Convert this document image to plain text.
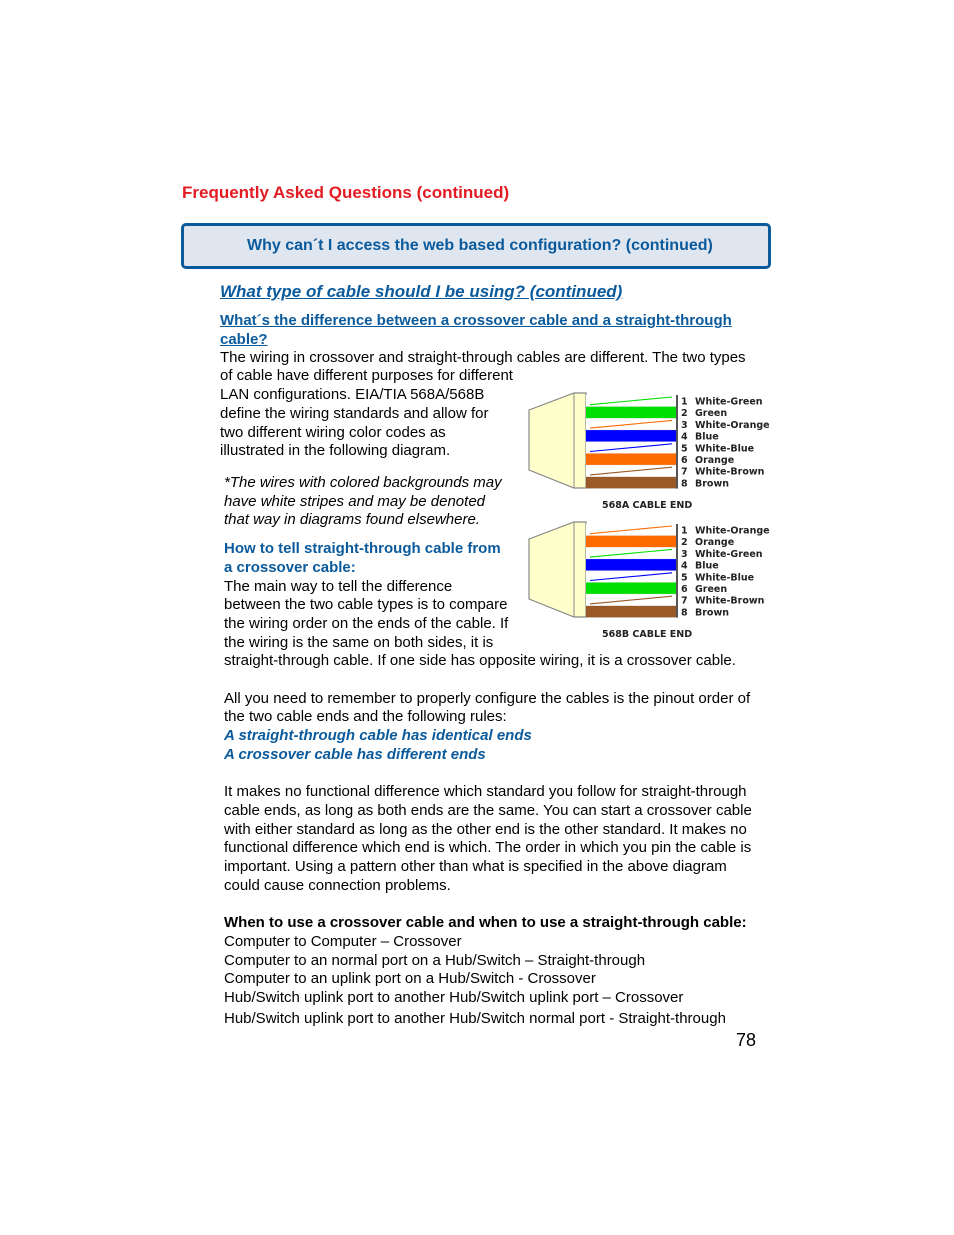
Frequently Asked Questions (continued)
Why can´t I access the web based configuration? (continued)
What type of cable should I be using? (continued)
What´s the difference between a crossover cable and a straight-through cable?
The wiring in crossover and straight-through cables are different. The two types
of cable have different purposes for different
LAN configurations. EIA/TIA 568A/568B
define the wiring standards and allow for
two different wiring color codes as
illustrated in the following diagram.
*The wires with colored backgrounds may
have white stripes and may be denoted
that way in diagrams found elsewhere.
How to tell straight-through cable from
a crossover cable:
The main way to tell the difference
between the two cable types is to compare
the wiring order on the ends of the cable. If
the wiring is the same on both sides, it is
straight-through cable. If one side has opposite wiring, it is a crossover cable.
All you need to remember to properly configure the cables is the pinout order of
the two cable ends and the following rules:
A straight-through cable has identical ends
A crossover cable has different ends
It makes no functional difference which standard you follow for straight-through
cable ends, as long as both ends are the same. You can start a crossover cable
with either standard as long as the other end is the other standard. It makes no
functional difference which end is which. The order in which you pin the cable is
important. Using a pattern other than what is specified in the above diagram
could cause connection problems.
When to use a crossover cable and when to use a straight-through cable:
Computer to Computer – Crossover
Computer to an normal port on a Hub/Switch – Straight-through
Computer to an uplink port on a Hub/Switch - Crossover
Hub/Switch uplink port to another Hub/Switch uplink port – Crossover
Hub/Switch uplink port to another Hub/Switch normal port - Straight-through
78
1 White-Green
2 Green
3 White-Orange
4 Blue
5 White-Blue
6 Orange
7 White-Brown
8 Brown
568A CABLE END
1 White-Orange
2 Orange
3 White-Green
4 Blue
5 White-Blue
6 Green
7 White-Brown
8 Brown
568B CABLE END
